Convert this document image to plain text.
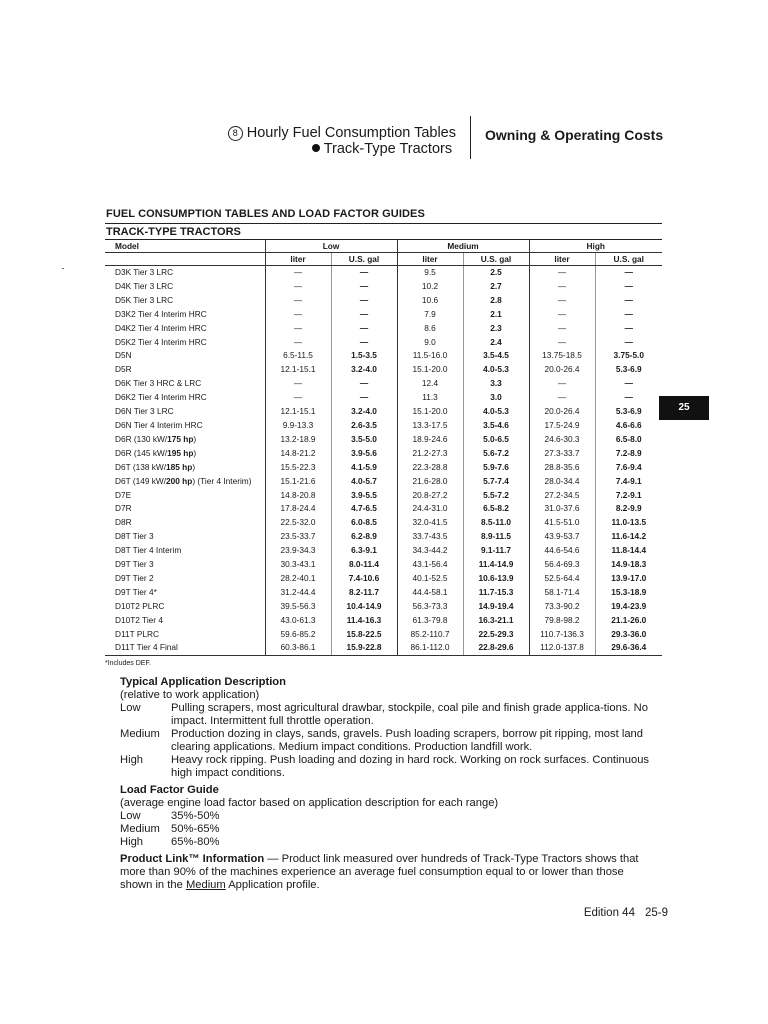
8 Hourly Fuel Consumption Tables
Track-Type Tractors
Owning & Operating Costs
FUEL CONSUMPTION TABLES AND LOAD FACTOR GUIDES
TRACK-TYPE TRACTORS
Model	Low		Medium		High	
	liter	U.S. gal	liter	U.S. gal	liter	U.S. gal
D3K Tier 3 LRC	—	—	9.5	2.5	—	—
D4K Tier 3 LRC	—	—	10.2	2.7	—	—
D5K Tier 3 LRC	—	—	10.6	2.8	—	—
D3K2 Tier 4 Interim HRC	—	—	7.9	2.1	—	—
D4K2 Tier 4 Interim HRC	—	—	8.6	2.3	—	—
D5K2 Tier 4 Interim HRC	—	—	9.0	2.4	—	—
D5N	6.5-11.5	1.5-3.5	11.5-16.0	3.5-4.5	13.75-18.5	3.75-5.0
D5R	12.1-15.1	3.2-4.0	15.1-20.0	4.0-5.3	20.0-26.4	5.3-6.9
D6K Tier 3 HRC & LRC	—	—	12.4	3.3	—	—
D6K2 Tier 4 Interim HRC	—	—	11.3	3.0	—	—
D6N Tier 3 LRC	12.1-15.1	3.2-4.0	15.1-20.0	4.0-5.3	20.0-26.4	5.3-6.9
D6N Tier 4 Interim HRC	9.9-13.3	2.6-3.5	13.3-17.5	3.5-4.6	17.5-24.9	4.6-6.6
D6R (130 kW/175 hp)	13.2-18.9	3.5-5.0	18.9-24.6	5.0-6.5	24.6-30.3	6.5-8.0
D6R (145 kW/195 hp)	14.8-21.2	3.9-5.6	21.2-27.3	5.6-7.2	27.3-33.7	7.2-8.9
D6T (138 kW/185 hp)	15.5-22.3	4.1-5.9	22.3-28.8	5.9-7.6	28.8-35.6	7.6-9.4
D6T (149 kW/200 hp) (Tier 4 Interim)	15.1-21.6	4.0-5.7	21.6-28.0	5.7-7.4	28.0-34.4	7.4-9.1
D7E	14.8-20.8	3.9-5.5	20.8-27.2	5.5-7.2	27.2-34.5	7.2-9.1
D7R	17.8-24.4	4.7-6.5	24.4-31.0	6.5-8.2	31.0-37.6	8.2-9.9
D8R	22.5-32.0	6.0-8.5	32.0-41.5	8.5-11.0	41.5-51.0	11.0-13.5
D8T Tier 3	23.5-33.7	6.2-8.9	33.7-43.5	8.9-11.5	43.9-53.7	11.6-14.2
D8T Tier 4 Interim	23.9-34.3	6.3-9.1	34.3-44.2	9.1-11.7	44.6-54.6	11.8-14.4
D9T Tier 3	30.3-43.1	8.0-11.4	43.1-56.4	11.4-14.9	56.4-69.3	14.9-18.3
D9T Tier 2	28.2-40.1	7.4-10.6	40.1-52.5	10.6-13.9	52.5-64.4	13.9-17.0
D9T Tier 4*	31.2-44.4	8.2-11.7	44.4-58.1	11.7-15.3	58.1-71.4	15.3-18.9
D10T2 PLRC	39.5-56.3	10.4-14.9	56.3-73.3	14.9-19.4	73.3-90.2	19.4-23.9
D10T2 Tier 4	43.0-61.3	11.4-16.3	61.3-79.8	16.3-21.1	79.8-98.2	21.1-26.0
D11T PLRC	59.6-85.2	15.8-22.5	85.2-110.7	22.5-29.3	110.7-136.3	29.3-36.0
D11T Tier 4 Final	60.3-86.1	15.9-22.8	86.1-112.0	22.8-29.6	112.0-137.8	29.6-36.4
*Includes DEF.
Typical Application Description
(relative to work application)
Low	Pulling scrapers, most agricultural drawbar, stockpile, coal pile and finish grade applica-tions. No impact. Intermittent full throttle operation.
Medium	Production dozing in clays, sands, gravels. Push loading scrapers, borrow pit ripping, most land clearing applications. Medium impact conditions. Production landfill work.
High	Heavy rock ripping. Push loading and dozing in hard rock. Working on rock surfaces. Continuous high impact conditions.
Load Factor Guide
(average engine load factor based on application description for each range)
Low	35%-50%
Medium	50%-65%
High	65%-80%
Product Link™ Information — Product link measured over hundreds of Track-Type Tractors shows that more than 90% of the machines experience an average fuel consumption equal to or lower than those shown in the Medium Application profile.
25
Edition 44 25-9
